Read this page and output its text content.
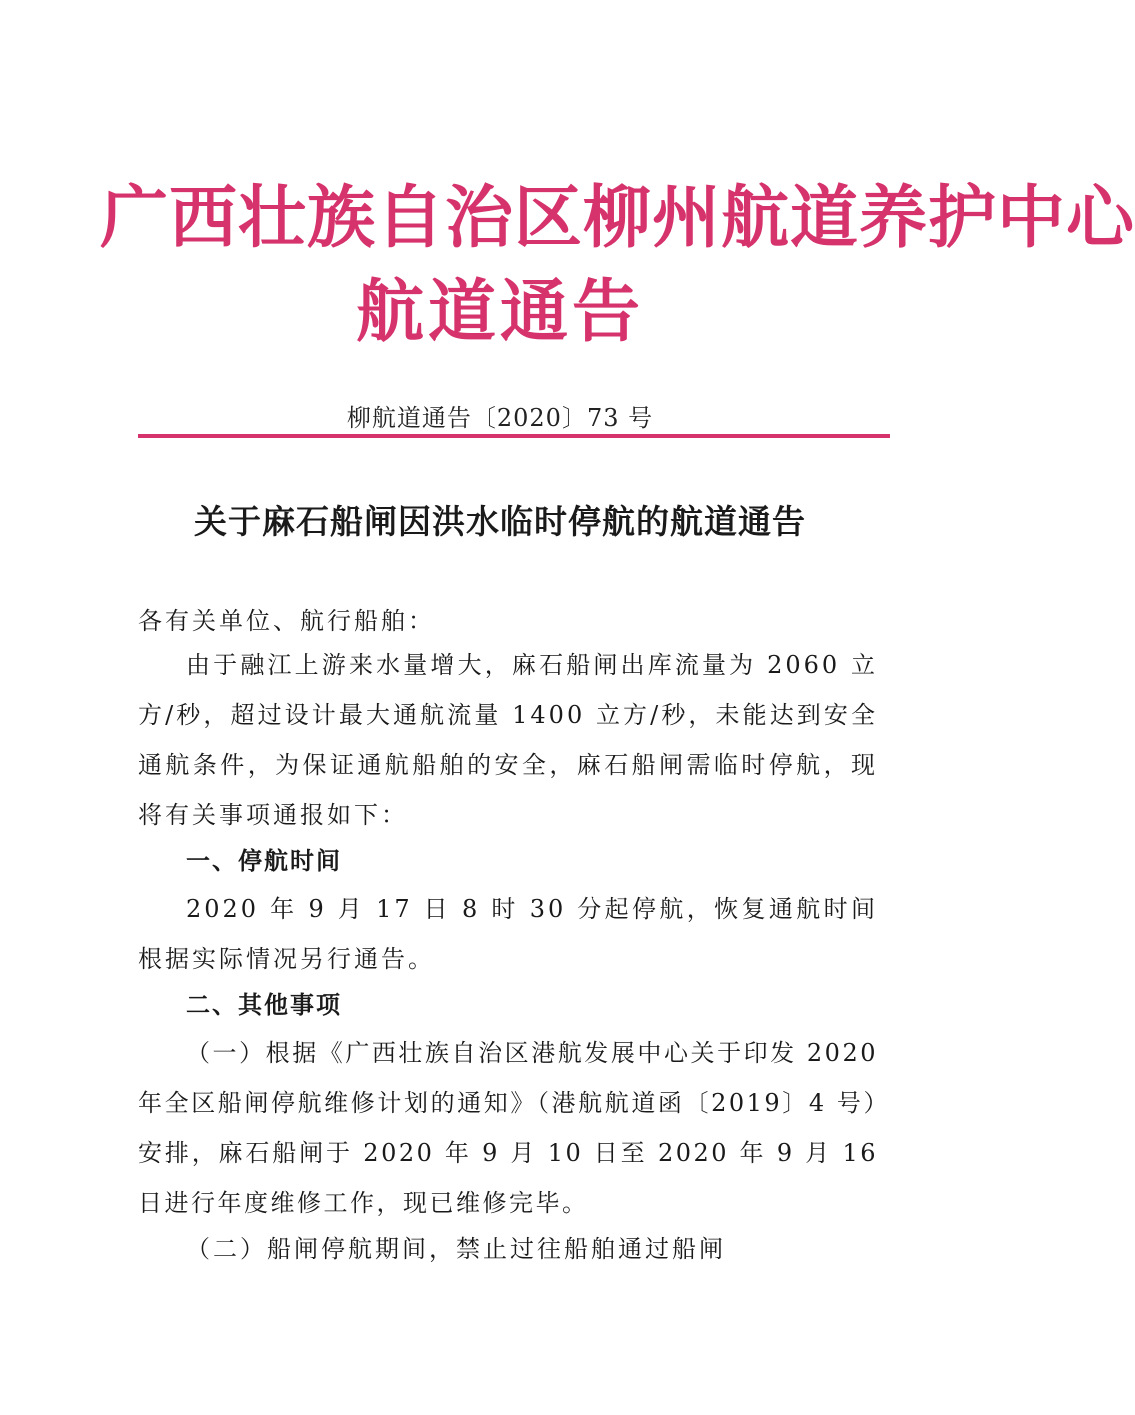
广西壮族自治区柳州航道养护中心
航道通告
柳航道通告〔2020〕73 号
关于麻石船闸因洪水临时停航的航道通告
各有关单位、航行船舶：
由于融江上游来水量增大，麻石船闸出库流量为 2060 立方/秒，超过设计最大通航流量 1400 立方/秒，未能达到安全通航条件，为保证通航船舶的安全，麻石船闸需临时停航，现将有关事项通报如下：
一、停航时间
2020 年 9 月 17 日 8 时 30 分起停航，恢复通航时间根据实际情况另行通告。
二、其他事项
（一）根据《广西壮族自治区港航发展中心关于印发 2020 年全区船闸停航维修计划的通知》（港航航道函〔2019〕4 号）安排，麻石船闸于 2020 年 9 月 10 日至 2020 年 9 月 16 日进行年度维修工作，现已维修完毕。
（二）船闸停航期间，禁止过往船舶通过船闸
